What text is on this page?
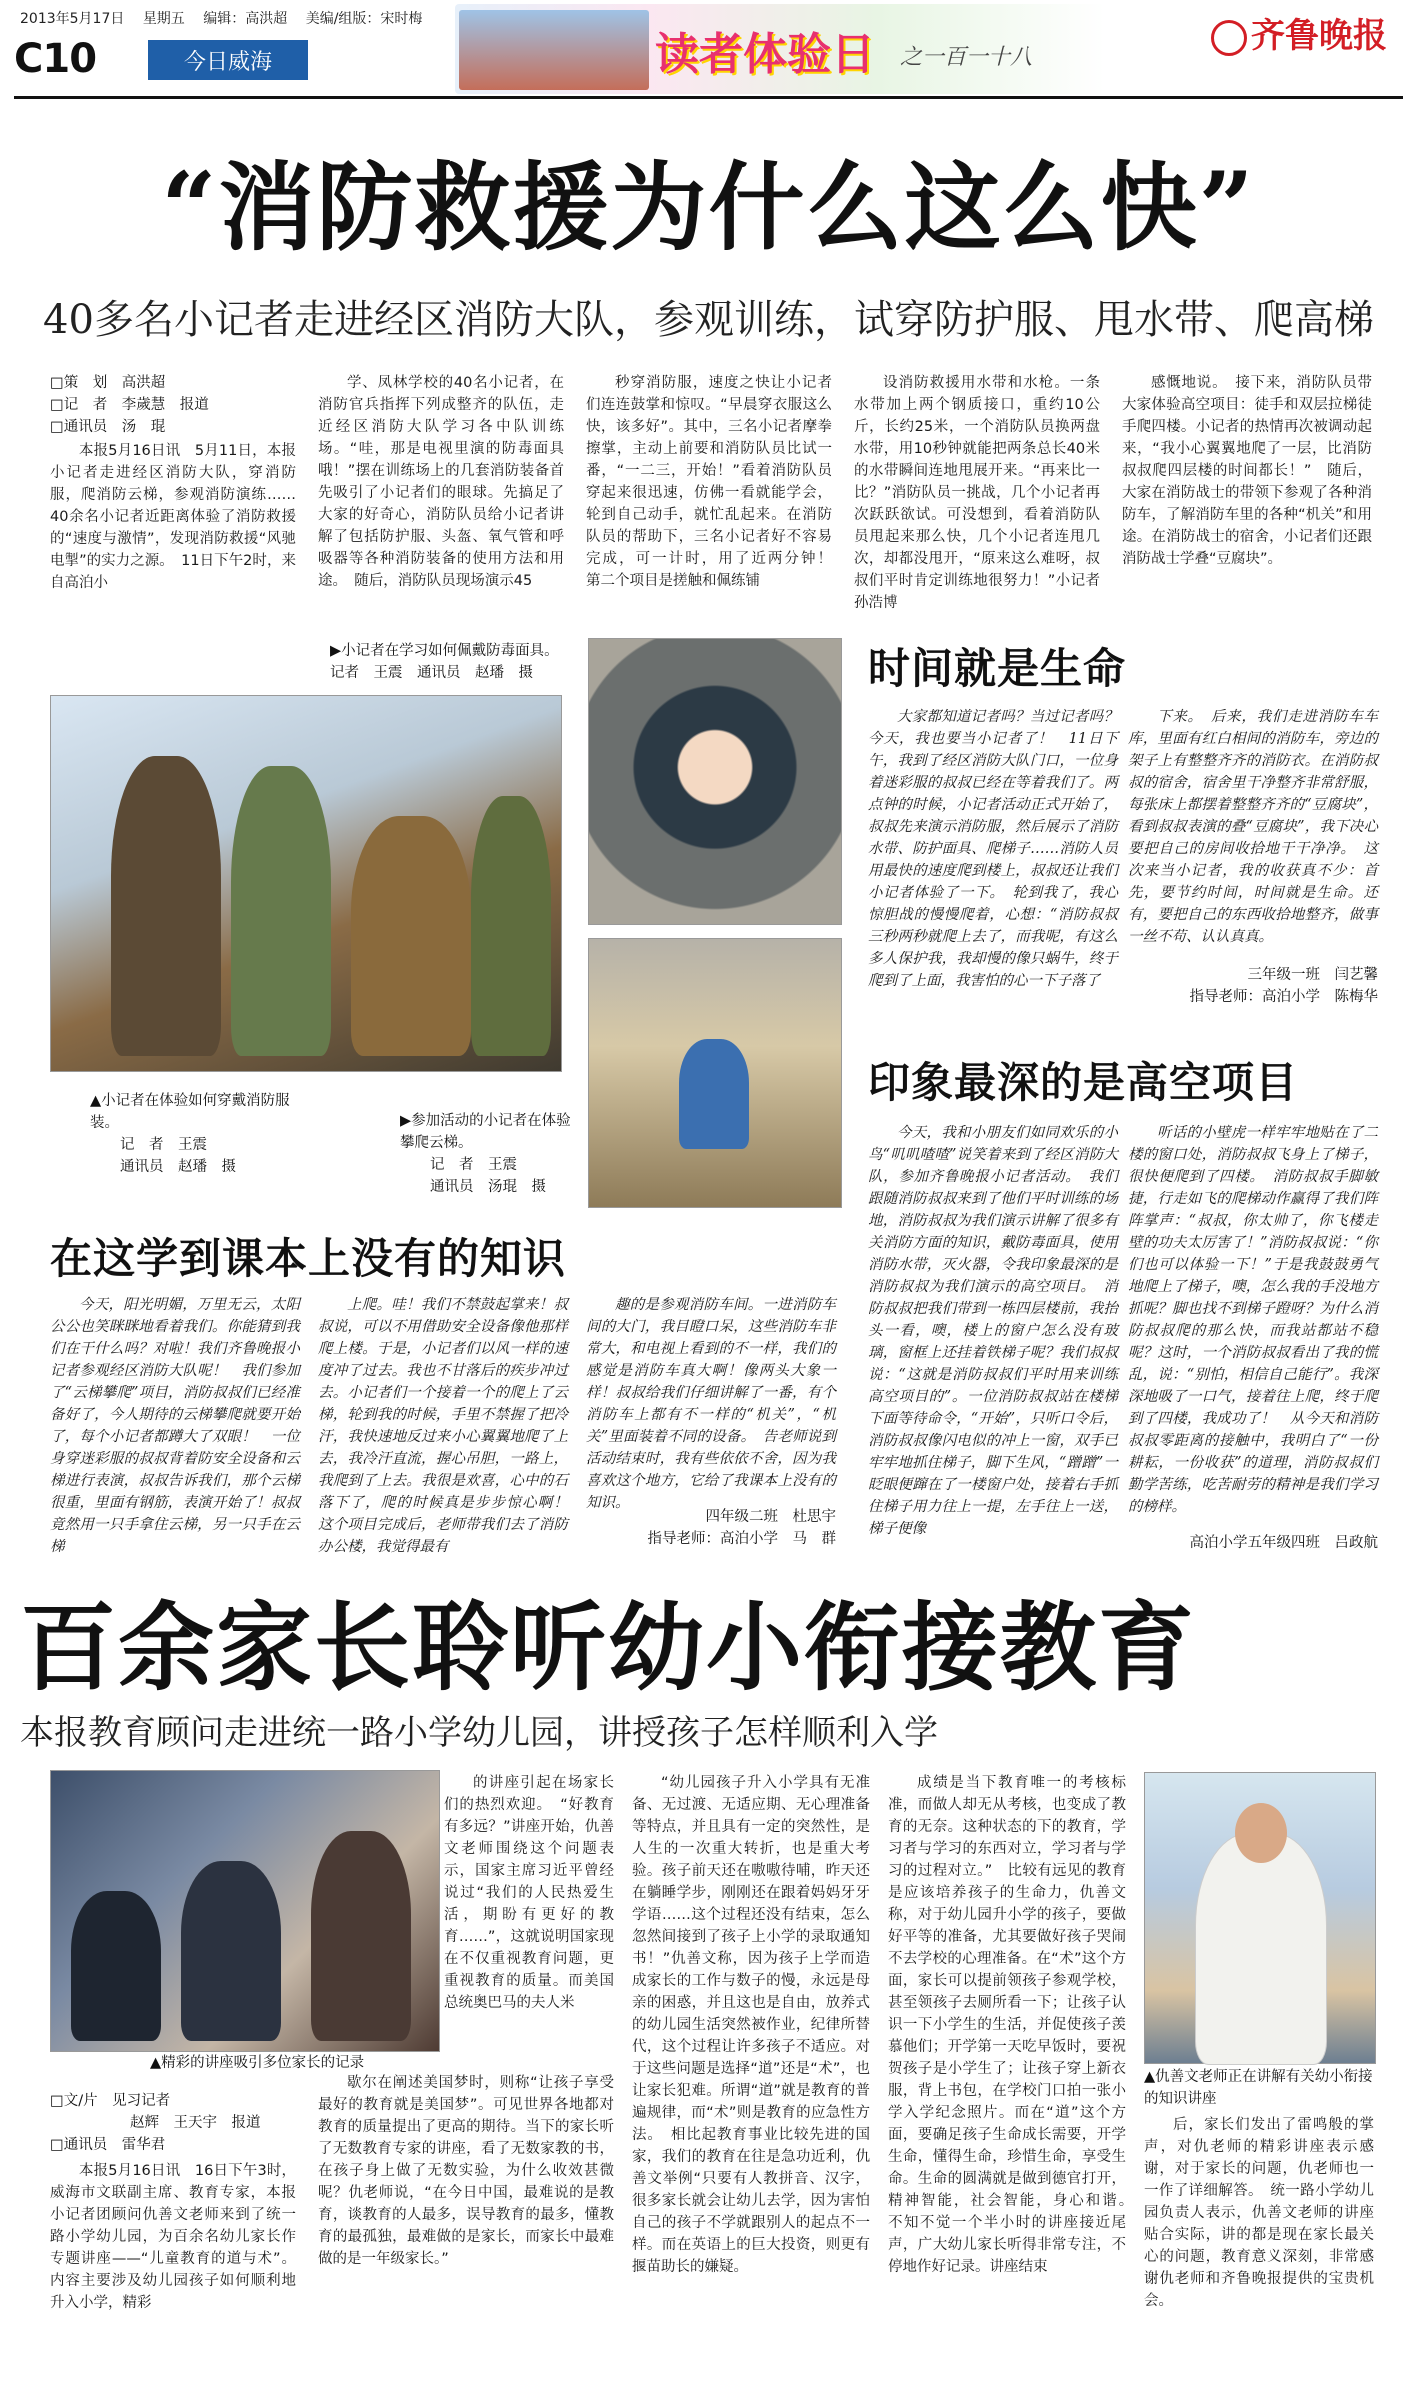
2013年5月17日 星期五 编辑：高洪超 美编/组版：宋时梅
C10	今日威海	读者体验日 之一百一十八
齐鲁晚报
“消防救援为什么这么快”
40多名小记者走进经区消防大队，参观训练，试穿防护服、甩水带、爬高梯
□策　划　高洪超
□记　者　李歲慧　报道
□通讯员　汤　琨

本报5月16日讯　5月11日，本报小记者走进经区消防大队，穿消防服，爬消防云梯，参观消防演练……40余名小记者近距离体验了消防救援的“速度与激情”，发现消防救援“风驰电掣”的实力之源。　11日下午2时，来自高泊小

学、凤林学校的40名小记者，在消防官兵指挥下列成整齐的队伍，走近经区消防大队学习各中队训练场。“哇，那是电视里演的防毒面具哦！”摆在训练场上的几套消防装备首先吸引了小记者们的眼球。先搞足了大家的好奇心，消防队员给小记者讲解了包括防护服、头盔、氧气管和呼吸器等各种消防装备的使用方法和用途。　随后，消防队员现场演示45

秒穿消防服，速度之快让小记者们连连鼓掌和惊叹。“早晨穿衣服这么快，该多好”。其中，三名小记者摩拳擦掌，主动上前要和消防队员比试一番，“一二三，开始！”看着消防队员穿起来很迅速，仿佛一看就能学会，轮到自己动手，就忙乱起来。在消防队员的帮助下，三名小记者好不容易完成，可一计时，用了近两分钟！　第二个项目是搓触和佩练铺

设消防救援用水带和水枪。一条水带加上两个钢质接口，重约10公斤，长约25米，一个消防队员换两盘水带，用10秒钟就能把两条总长40米的水带瞬间连地甩展开来。“再来比一比？”消防队员一挑战，几个小记者再次跃跃欲试。可没想到，看着消防队员甩起来那么快，几个小记者连甩几次，却都没甩开，“原来这么难呀，叔叔们平时肯定训练地很努力！”小记者孙浩博

感慨地说。　接下来，消防队员带大家体验高空项目：徒手和双层拉梯徒手爬四楼。小记者的热情再次被调动起来，“我小心翼翼地爬了一层，比消防叔叔爬四层楼的时间都长！”　随后，大家在消防战士的带领下参观了各种消防车，了解消防车里的各种“机关”和用途。在消防战士的宿舍，小记者们还跟消防战士学叠“豆腐块”。

▶小记者在学习如何佩戴防毒面具。　记者　王震　通讯员　赵璠　摄
▲小记者在体验如何穿戴消防服装。
记　者　王震
通讯员　赵璠　摄
▶参加活动的小记者在体验攀爬云梯。
记　者　王震
通讯员　汤琨　摄
时间就是生命

大家都知道记者吗？当过记者吗？今天，我也要当小记者了！　11日下午，我到了经区消防大队门口，一位身着迷彩服的叔叔已经在等着我们了。两点钟的时候，小记者活动正式开始了，叔叔先来演示消防服，然后展示了消防水带、防护面具、爬梯子……消防人员用最快的速度爬到楼上，叔叔还让我们小记者体验了一下。　轮到我了，我心惊胆战的慢慢爬着，心想：“消防叔叔三秒两秒就爬上去了，而我呢，有这么多人保护我，我却慢的像只蜗牛，终于爬到了上面，我害怕的心一下子落了

下来。　后来，我们走进消防车车库，里面有红白相间的消防车，旁边的架子上有整整齐齐的消防衣。在消防叔叔的宿舍，宿舍里干净整齐非常舒服，每张床上都摆着整整齐齐的“豆腐块”，看到叔叔表演的叠“豆腐块”，我下决心要把自己的房间收拾地干干净净。　这次来当小记者，我的收获真不少：首先，要节约时间，时间就是生命。还有，要把自己的东西收拾地整齐，做事一丝不苟、认认真真。

三年级一班　闫艺馨
指导老师：高泊小学　陈梅华
印象最深的是高空项目

今天，我和小朋友们如同欢乐的小鸟“叽叽喳喳”说笑着来到了经区消防大队，参加齐鲁晚报小记者活动。　我们跟随消防叔叔来到了他们平时训练的场地，消防叔叔为我们演示讲解了很多有关消防方面的知识，戴防毒面具，使用消防水带，灭火器，令我印象最深的是消防叔叔为我们演示的高空项目。　消防叔叔把我们带到一栋四层楼前，我抬头一看，噢，楼上的窗户怎么没有玻璃，窗框上还挂着铁梯子呢？我们叔叔说：“这就是消防叔叔们平时用来训练高空项目的”。一位消防叔叔站在楼梯下面等待命令，“开始”，只听口令后，消防叔叔像闪电似的冲上一窗，双手已牢牢地抓住梯子，脚下生风，“蹭蹭”一眨眼便蹿在了一楼窗户处，接着右手抓住梯子用力往上一提，左手往上一送，梯子便像

听话的小壁虎一样牢牢地贴在了二楼的窗口处，消防叔叔飞身上了梯子，很快便爬到了四楼。　消防叔叔手脚敏捷，行走如飞的爬梯动作赢得了我们阵阵掌声：“叔叔，你太帅了，你飞楼走壁的功夫太厉害了！”消防叔叔说：“你们也可以体验一下！”于是我鼓鼓勇气地爬上了梯子，噢，怎么我的手没地方抓呢？脚也找不到梯子蹬呀？为什么消防叔叔爬的那么快，而我站都站不稳呢？这时，一个消防叔叔看出了我的慌乱，说：“别怕，相信自己能行”。我深深地吸了一口气，接着往上爬，终于爬到了四楼，我成功了！　从今天和消防叔叔零距离的接触中，我明白了“一份耕耘，一份收获”的道理，消防叔叔们勤学苦练，吃苦耐劳的精神是我们学习的榜样。

高泊小学五年级四班　吕政航
在这学到课本上没有的知识

今天，阳光明媚，万里无云，太阳公公也笑眯眯地看着我们。你能猜到我们在干什么吗？对啦！我们齐鲁晚报小记者参观经区消防大队呢！　我们参加了“云梯攀爬”项目，消防叔叔们已经准备好了，今人期待的云梯攀爬就要开始了，每个小记者都蹲大了双眼！　一位身穿迷彩服的叔叔背着防安全设备和云梯进行表演，叔叔告诉我们，那个云梯很重，里面有钢筋，表演开始了！叔叔竟然用一只手拿住云梯，另一只手在云梯

上爬。哇！我们不禁鼓起掌来！叔叔说，可以不用借助安全设备像他那样爬上楼。于是，小记者们以风一样的速度冲了过去。我也不甘落后的疾步冲过去。小记者们一个接着一个的爬上了云梯，轮到我的时候，手里不禁握了把冷汗，我快速地反过来小心翼翼地爬了上去，我冷汗直流，握心吊胆，一路上，我爬到了上去。我很是欢喜，心中的石落下了，爬的时候真是步步惊心啊！　这个项目完成后，老师带我们去了消防办公楼，我觉得最有

趣的是参观消防车间。一进消防车间的大门，我目瞪口呆，这些消防车非常大，和电视上看到的不一样，我们的感觉是消防车真大啊！像两头大象一样！叔叔给我们仔细讲解了一番，有个消防车上都有不一样的“机关”，“机关”里面装着不同的设备。　告老师说到活动结束时，我有些依依不舍，因为我喜欢这个地方，它给了我课本上没有的知识。

四年级二班　杜思宇
指导老师：高泊小学　马　群
百余家长聆听幼小衔接教育
本报教育顾问走进统一路小学幼儿园，讲授孩子怎样顺利入学
▲精彩的讲座吸引多位家长的记录
□文/片　见习记者
赵辉　王天宇　报道
□通讯员　雷华君

本报5月16日讯　16日下午3时，威海市文联副主席、教育专家，本报小记者团顾问仇善文老师来到了统一路小学幼儿园，为百余名幼儿家长作专题讲座——“儿童教育的道与术”。内容主要涉及幼儿园孩子如何顺利地升入小学，精彩

的讲座引起在场家长们的热烈欢迎。　“好教育有多远？”讲座开始，仇善文老师围绕这个问题表示，国家主席习近平曾经说过“我们的人民热爱生活，期盼有更好的教育……”，这就说明国家现在不仅重视教育问题，更重视教育的质量。而美国总统奥巴马的夫人米

歇尔在阐述美国梦时，则称“让孩子享受最好的教育就是美国梦”。可见世界各地都对教育的质量提出了更高的期待。当下的家长听了无数教育专家的讲座，看了无数家教的书，在孩子身上做了无数实验，为什么收效甚微呢？仇老师说，“在今日中国，最难说的是教育，谈教育的人最多，误导教育的最多，懂教育的最孤独，最难做的是家长，而家长中最难做的是一年级家长。”

“幼儿园孩子升入小学具有无准备、无过渡、无适应期、无心理准备等特点，并且具有一定的突然性，是人生的一次重大转折，也是重大考验。孩子前天还在嗷嗷待哺，昨天还在躺睡学步，刚刚还在跟着妈妈牙牙学语……这个过程还没有结束，怎么忽然间接到了孩子上小学的录取通知书！”仇善文称，因为孩子上学而造成家长的工作与数子的慢，永远是母亲的困惑，并且这也是自由，放养式的幼儿园生活突然被作业，纪律所替代，这个过程让许多孩子不适应。对于这些问题是选择“道”还是“术”，也让家长犯难。所谓“道”就是教育的普遍规律，而“术”则是教育的应急性方法。　相比起教育事业比较先进的国家，我们的教育在往是急功近利，仇善文举例“只要有人教拼音、汉字，很多家长就会让幼儿去学，因为害怕自己的孩子不学就跟别人的起点不一样。而在英语上的巨大投资，则更有揠苗助长的嫌疑。

成绩是当下教育唯一的考核标准，而做人却无从考核，也变成了教育的无奈。这种状态的下的教育，学习者与学习的东西对立，学习者与学习的过程对立。”　比较有远见的教育是应该培养孩子的生命力，仇善文称，对于幼儿园升小学的孩子，要做好平等的准备，尤其要做好孩子哭闹不去学校的心理准备。在“术”这个方面，家长可以提前领孩子参观学校，甚至领孩子去厕所看一下；让孩子认识一下小学生的生活，并促使孩子羡慕他们；开学第一天吃早饭时，要祝贺孩子是小学生了；让孩子穿上新衣服，背上书包，在学校门口拍一张小学入学纪念照片。而在“道”这个方面，要确足孩子生命成长需要，开学生命，懂得生命，珍惜生命，享受生命。生命的圆满就是做到德官打开，精神智能，社会智能，身心和谐。　不知不觉一个半小时的讲座接近尾声，广大幼儿家长听得非常专注，不停地作好记录。讲座结束

▲仇善文老师正在讲解有关幼小衔接的知识讲座

后，家长们发出了雷鸣般的掌声，对仇老师的精彩讲座表示感谢，对于家长的问题，仇老师也一一作了详细解答。　统一路小学幼儿园负责人表示，仇善文老师的讲座贴合实际，讲的都是现在家长最关心的问题，教育意义深刻，非常感谢仇老师和齐鲁晚报提供的宝贵机会。
